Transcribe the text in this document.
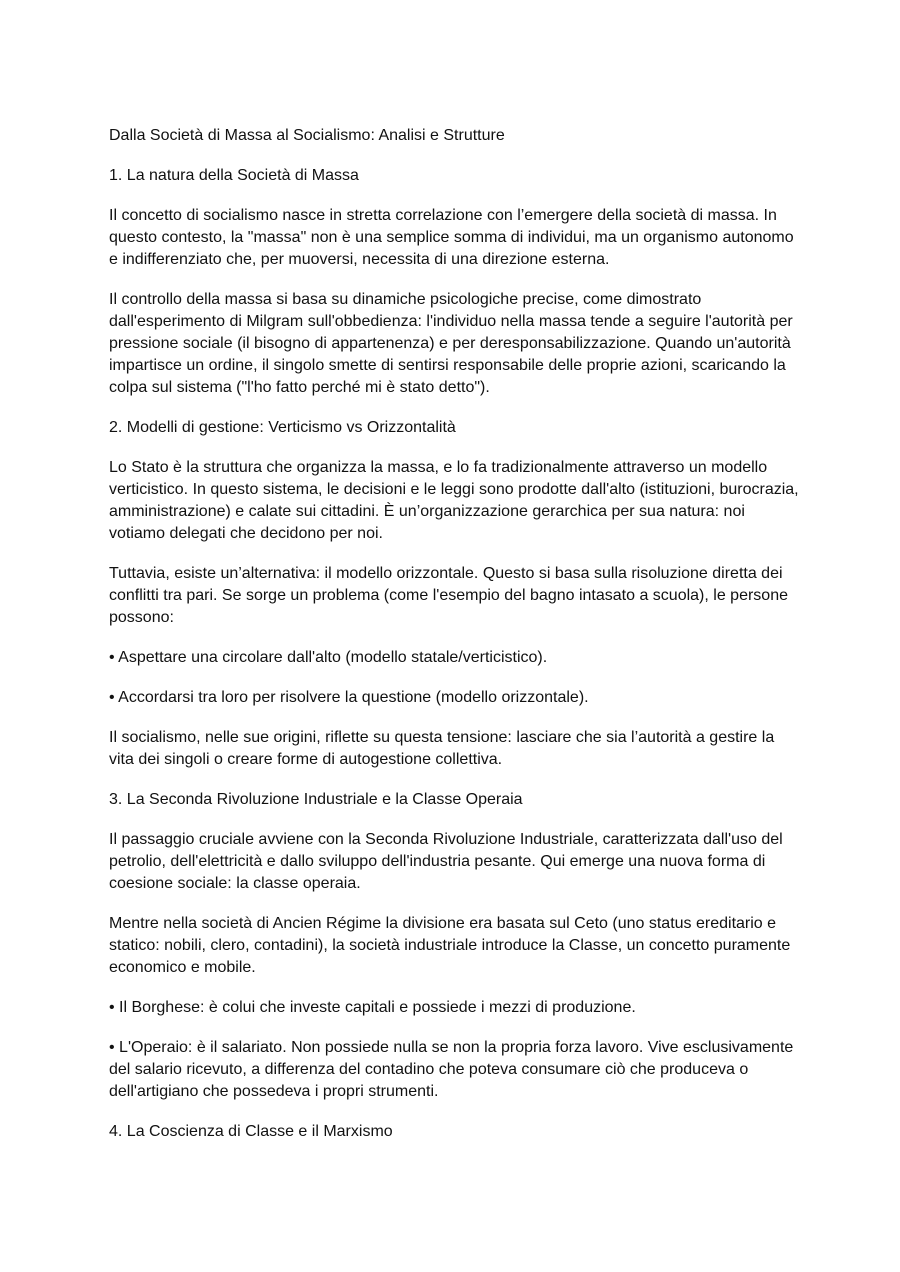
Dalla Società di Massa al Socialismo: Analisi e Strutture

1. La natura della Società di Massa

Il concetto di socialismo nasce in stretta correlazione con l’emergere della società di massa. In questo contesto, la "massa" non è una semplice somma di individui, ma un organismo autonomo e indifferenziato che, per muoversi, necessita di una direzione esterna.

Il controllo della massa si basa su dinamiche psicologiche precise, come dimostrato dall'esperimento di Milgram sull'obbedienza: l'individuo nella massa tende a seguire l'autorità per pressione sociale (il bisogno di appartenenza) e per deresponsabilizzazione. Quando un'autorità impartisce un ordine, il singolo smette di sentirsi responsabile delle proprie azioni, scaricando la colpa sul sistema ("l'ho fatto perché mi è stato detto").

2. Modelli di gestione: Verticismo vs Orizzontalità

Lo Stato è la struttura che organizza la massa, e lo fa tradizionalmente attraverso un modello verticistico. In questo sistema, le decisioni e le leggi sono prodotte dall'alto (istituzioni, burocrazia, amministrazione) e calate sui cittadini. È un’organizzazione gerarchica per sua natura: noi votiamo delegati che decidono per noi.

Tuttavia, esiste un’alternativa: il modello orizzontale. Questo si basa sulla risoluzione diretta dei conflitti tra pari. Se sorge un problema (come l'esempio del bagno intasato a scuola), le persone possono:

• Aspettare una circolare dall'alto (modello statale/verticistico).

• Accordarsi tra loro per risolvere la questione (modello orizzontale).

Il socialismo, nelle sue origini, riflette su questa tensione: lasciare che sia l’autorità a gestire la vita dei singoli o creare forme di autogestione collettiva.

3. La Seconda Rivoluzione Industriale e la Classe Operaia

Il passaggio cruciale avviene con la Seconda Rivoluzione Industriale, caratterizzata dall'uso del petrolio, dell'elettricità e dallo sviluppo dell'industria pesante. Qui emerge una nuova forma di coesione sociale: la classe operaia.

Mentre nella società di Ancien Régime la divisione era basata sul Ceto (uno status ereditario e statico: nobili, clero, contadini), la società industriale introduce la Classe, un concetto puramente economico e mobile.

• Il Borghese: è colui che investe capitali e possiede i mezzi di produzione.

• L'Operaio: è il salariato. Non possiede nulla se non la propria forza lavoro. Vive esclusivamente del salario ricevuto, a differenza del contadino che poteva consumare ciò che produceva o dell'artigiano che possedeva i propri strumenti.

4. La Coscienza di Classe e il Marxismo
